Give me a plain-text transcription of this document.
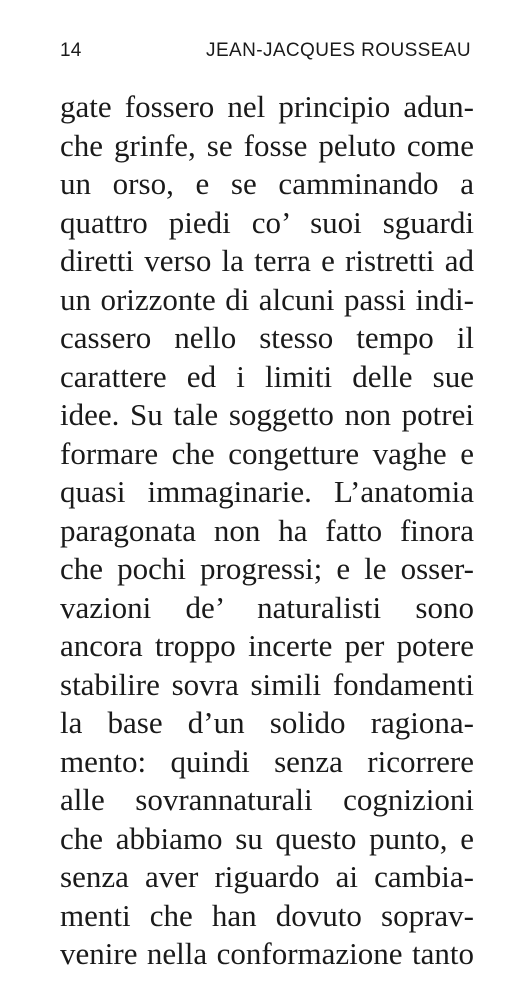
14	JEAN-JACQUES ROUSSEAU
gate fossero nel principio adun-
che grinfe, se fosse peluto come
un orso, e se camminando a
quattro piedi co’ suoi sguardi
diretti verso la terra e ristretti ad
un orizzonte di alcuni passi indi-
cassero nello stesso tempo il
carattere ed i limiti delle sue
idee. Su tale soggetto non potrei
formare che congetture vaghe e
quasi immaginarie. L’anatomia
paragonata non ha fatto finora
che pochi progressi; e le osser-
vazioni de’ naturalisti sono
ancora troppo incerte per potere
stabilire sovra simili fondamenti
la base d’un solido ragiona-
mento: quindi senza ricorrere
alle sovrannaturali cognizioni
che abbiamo su questo punto, e
senza aver riguardo ai cambia-
menti che han dovuto soprav-
venire nella conformazione tanto
